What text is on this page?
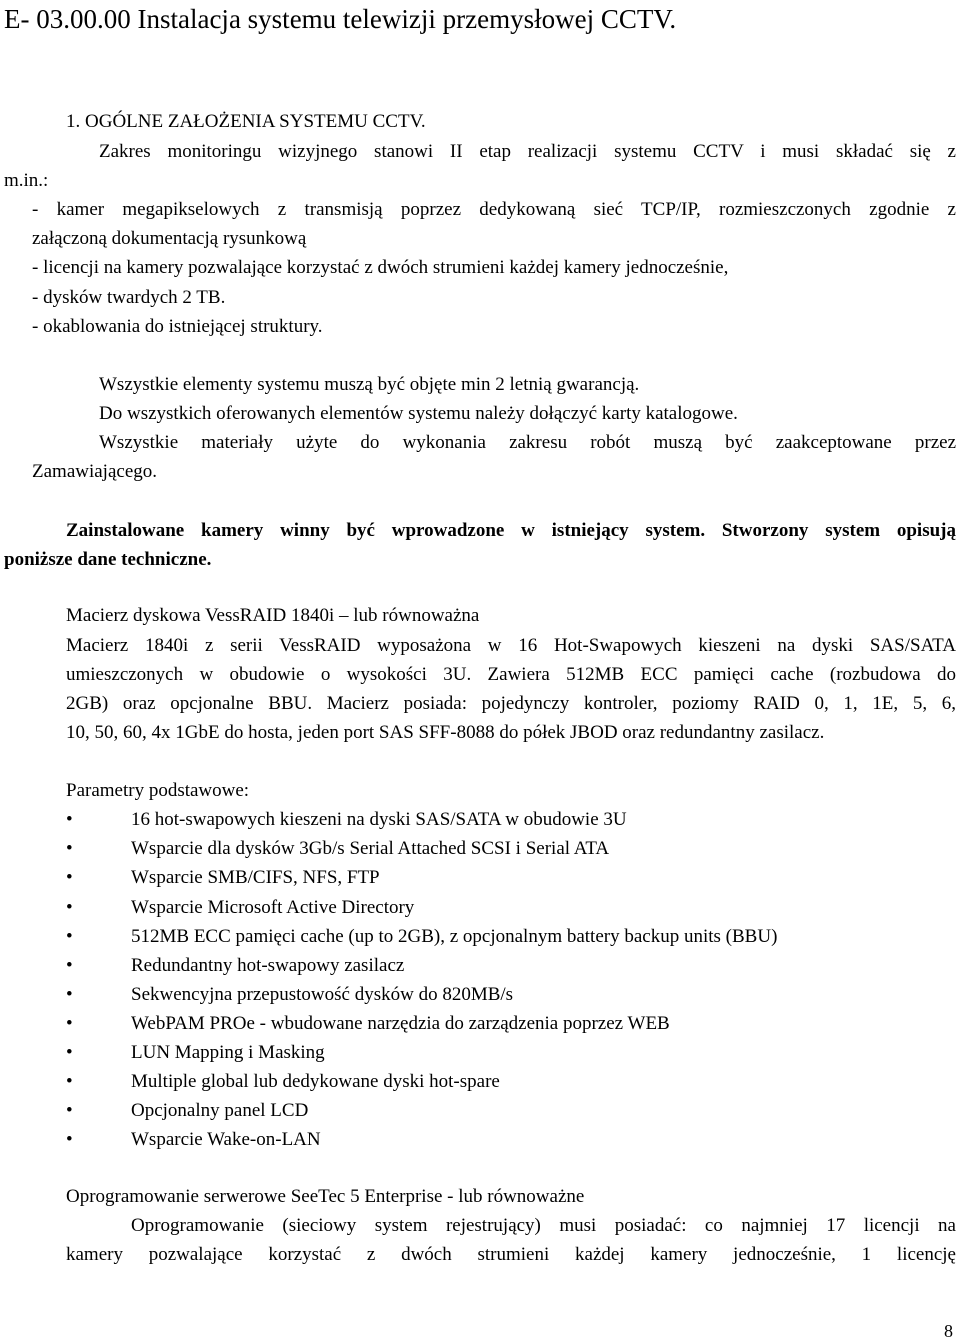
E- 03.00.00 Instalacja systemu telewizji przemysłowej CCTV.
1. OGÓLNE ZAŁOŻENIA SYSTEMU CCTV.
Zakres monitoringu wizyjnego stanowi II etap realizacji systemu CCTV i musi składać się z
m.in.:
- kamer megapikselowych z transmisją poprzez dedykowaną sieć TCP/IP, rozmieszczonych zgodnie z
załączoną dokumentacją rysunkową
- licencji na kamery pozwalające korzystać z dwóch strumieni każdej kamery jednocześnie,
- dysków twardych 2 TB.
- okablowania do istniejącej struktury.
Wszystkie elementy systemu muszą być objęte min 2 letnią gwarancją.
Do wszystkich oferowanych elementów systemu należy dołączyć karty katalogowe.
Wszystkie materiały użyte do wykonania zakresu robót muszą być zaakceptowane przez
Zamawiającego.
Zainstalowane kamery winny być wprowadzone w istniejący system. Stworzony system opisują
poniższe dane techniczne.
Macierz dyskowa VessRAID 1840i – lub równoważna
Macierz 1840i z serii VessRAID wyposażona w 16 Hot-Swapowych kieszeni na dyski SAS/SATA
umieszczonych w obudowie o wysokości 3U. Zawiera 512MB ECC pamięci cache (rozbudowa do
2GB) oraz opcjonalne BBU. Macierz posiada: pojedynczy kontroler, poziomy RAID 0, 1, 1E, 5, 6,
10, 50, 60, 4x 1GbE do hosta, jeden port SAS SFF-8088 do półek JBOD oraz redundantny zasilacz.
Parametry podstawowe:
•	16 hot-swapowych kieszeni na dyski SAS/SATA w obudowie 3U
•	Wsparcie dla dysków 3Gb/s Serial Attached SCSI i Serial ATA
•	Wsparcie SMB/CIFS, NFS, FTP
•	Wsparcie Microsoft Active Directory
•	512MB ECC pamięci cache (up to 2GB), z opcjonalnym battery backup units (BBU)
•	Redundantny hot-swapowy zasilacz
•	Sekwencyjna przepustowość dysków do 820MB/s
•	WebPAM PROe - wbudowane narzędzia do zarządzenia poprzez WEB
•	LUN Mapping i Masking
•	Multiple global lub dedykowane dyski hot-spare
•	Opcjonalny panel LCD
•	Wsparcie Wake-on-LAN
Oprogramowanie serwerowe SeeTec 5 Enterprise - lub równoważne
Oprogramowanie (sieciowy system rejestrujący) musi posiadać: co najmniej 17 licencji na
kamery pozwalające korzystać z dwóch strumieni każdej kamery jednocześnie, 1 licencję
8
